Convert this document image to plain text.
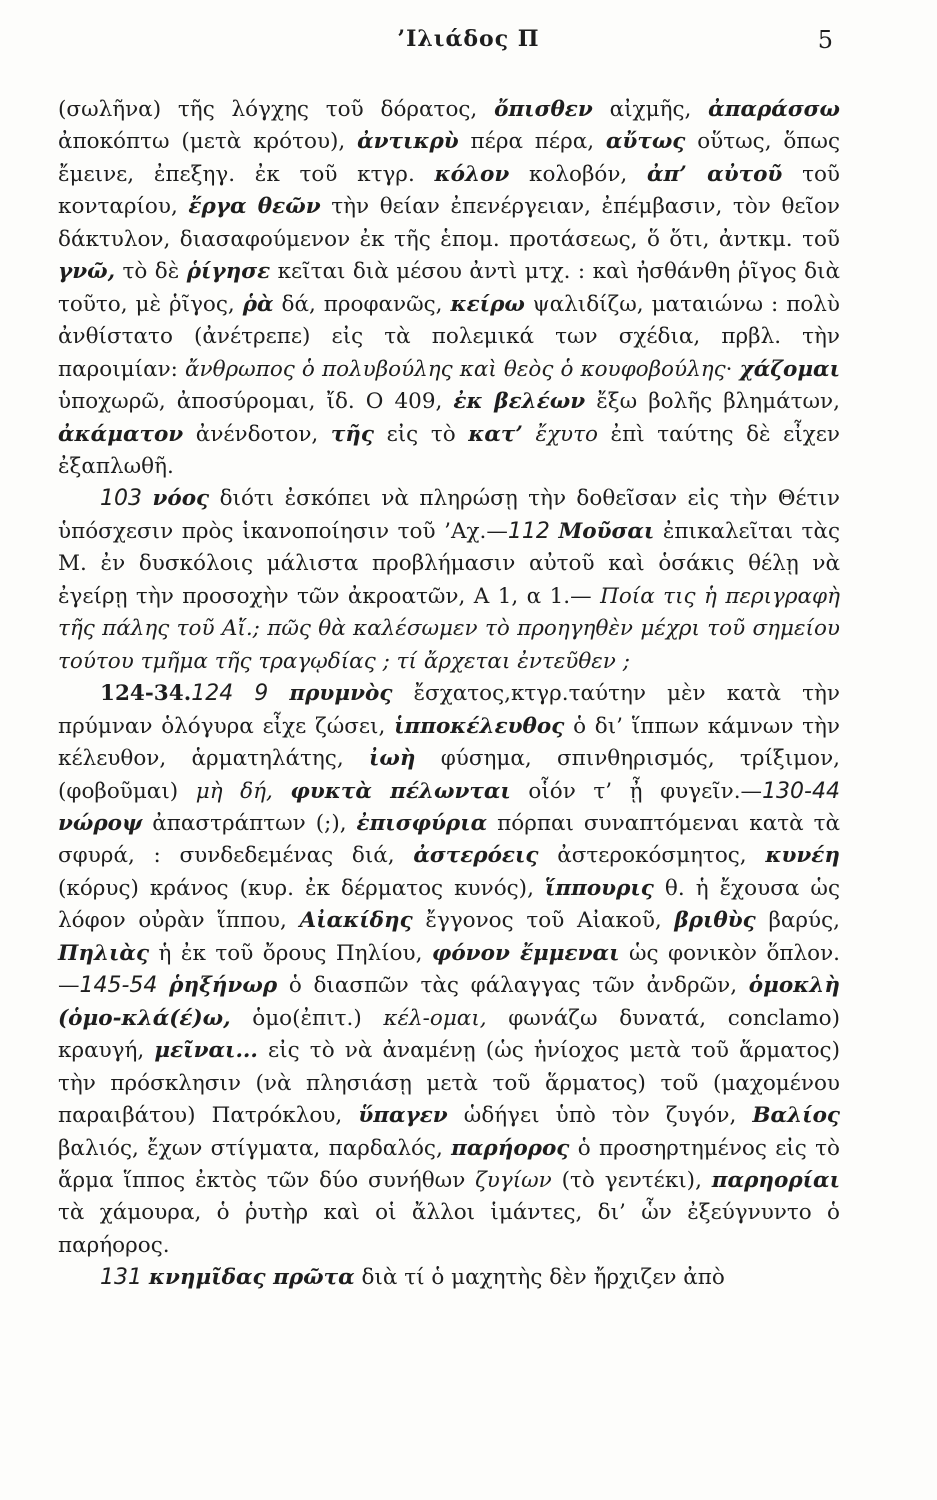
’Ιλιάδος Π	5

(σωλῆνα) τῆς λόγχης τοῦ δόρατος, ὄπισθεν αἰχμῆς, ἀπαράσσω ἀποκόπτω (μετὰ κρότου), ἀντικρὺ πέρα πέρα, αὔτως οὕτως, ὅπως ἔμεινε, ἐπεξηγ. ἐκ τοῦ κτγρ. κόλον κολοβόν, ἀπ’ αὐτοῦ τοῦ κονταρίου, ἔργα θεῶν τὴν θείαν ἐπενέργειαν, ἐπέμβασιν, τὸν θεῖον δάκτυλον, διασαφούμενον ἐκ τῆς ἑπομ. προτάσεως, ὅ ὅτι, ἀντκμ. τοῦ γνῶ, τὸ δὲ ῥίγησε κεῖται διὰ μέσου ἀντὶ μτχ. : καὶ ἠσθάνθη ῥῖγος διὰ τοῦτο, μὲ ῥῖγος, ῥὰ δά, προφανῶς, κείρω ψαλιδίζω, ματαιώνω : πολὺ ἀνθίστατο (ἀνέτρεπε) εἰς τὰ πολεμικά των σχέδια, πρβλ. τὴν παροιμίαν: ἄνθρωπος ὁ πολυβούλης καὶ θεὸς ὁ κουφοβούλης· χάζομαι ὑποχωρῶ, ἀποσύρομαι, ἴδ. Ο 409, ἐκ βελέων ἔξω βολῆς βλημάτων, ἀκάματον ἀνένδοτον, τῆς εἰς τὸ κατ’ ἔχυτο ἐπὶ ταύτης δὲ εἶχεν ἐξαπλωθῆ.

103 νόος διότι ἐσκόπει νὰ πληρώσῃ τὴν δοθεῖσαν εἰς τὴν Θέτιν ὑπόσχεσιν πρὸς ἱκανοποίησιν τοῦ ’Αχ.—112 Μοῦσαι ἐπικαλεῖται τὰς Μ. ἐν δυσκόλοις μάλιστα προβλήμασιν αὐτοῦ καὶ ὁσάκις θέλῃ νὰ ἐγείρῃ τὴν προσοχὴν τῶν ἀκροατῶν, Α 1, α 1.— Ποία τις ἡ περιγραφὴ τῆς πάλης τοῦ Αἴ.; πῶς θὰ καλέσωμεν τὸ προηγηθὲν μέχρι τοῦ σημείου τούτου τμῆμα τῆς τραγῳδίας ; τί ἄρχεται ἐντεῦθεν ;

124-34.124 9 πρυμνὸς ἔσχατος,κτγρ.ταύτην μὲν κατὰ τὴν πρύμναν ὁλόγυρα εἶχε ζώσει, ἱπποκέλευθος ὁ δι’ ἵππων κάμνων τὴν κέλευθον, ἁρματηλάτης, ἰωὴ φύσημα, σπινθηρισμός, τρίξιμον, (φοβοῦμαι) μὴ δή, φυκτὰ πέλωνται οἷόν τ’ ᾖ φυγεῖν.—130-44 νώροψ ἀπαστράπτων (;), ἐπισφύρια πόρπαι συναπτόμεναι κατὰ τὰ σφυρά, : συνδεδεμένας διά, ἀστερόεις ἀστεροκόσμητος, κυνέη (κόρυς) κράνος (κυρ. ἐκ δέρματος κυνός), ἵππουρις θ. ἡ ἔχουσα ὡς λόφον οὐρὰν ἵππου, Αἰακίδης ἔγγονος τοῦ Αἰακοῦ, βριθὺς βαρύς, Πηλιὰς ἡ ἐκ τοῦ ὄρους Πηλίου, φόνον ἔμμεναι ὡς φονικὸν ὅπλον. —145-54 ῥηξήνωρ ὁ διασπῶν τὰς φάλαγγας τῶν ἀνδρῶν, ὁμοκλὴ (ὁμο-κλά(έ)ω, ὁμο(ἐπιτ.) κέλ-ομαι, φωνάζω δυνατά, conclamo) κραυγή, μεῖναι... εἰς τὸ νὰ ἀναμένῃ (ὡς ἡνίοχος μετὰ τοῦ ἅρματος) τὴν πρόσκλησιν (νὰ πλησιάσῃ μετὰ τοῦ ἅρματος) τοῦ (μαχομένου παραιβάτου) Πατρόκλου, ὕπαγεν ὡδήγει ὑπὸ τὸν ζυγόν, Βαλίος βαλιός, ἔχων στίγματα, παρδαλός, παρήορος ὁ προσηρτημένος εἰς τὸ ἅρμα ἵππος ἐκτὸς τῶν δύο συνήθων ζυγίων (τὸ γεντέκι), παρηορίαι τὰ χάμουρα, ὁ ῥυτὴρ καὶ οἱ ἄλλοι ἱμάντες, δι’ ὧν ἐξεύγνυντο ὁ παρήορος.

131 κνημῖδας πρῶτα διὰ τί ὁ μαχητὴς δὲν ἤρχιζεν ἀπὸ
